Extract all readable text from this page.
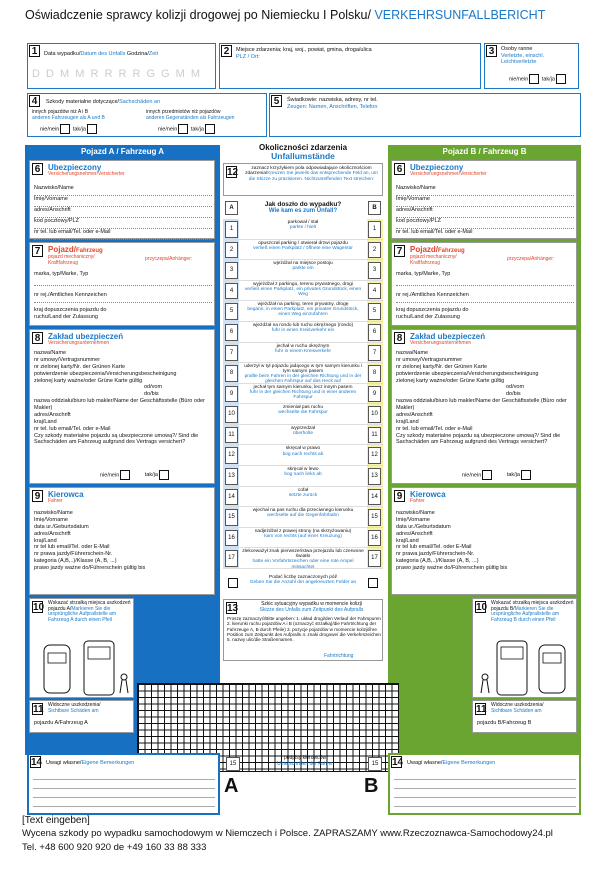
Oświadczenie sprawcy kolizji drogowej po Niemiecku I Polsku/ VERKEHRSUNFALLBERICHT
1	Data wypadku/Datum des Unfalls Godzina/Zeit
D D M M R R R R G G M M
2	Miejsce zdarzenia; kraj, woj., powiat, gmina, droga/ulica
PLZ / Ort:
3	Osoby ranne
Verletzte, einschl. Leichtverletzte
nie/nein tak/ja
4	Szkody materialne dotyczące/Sachschäden an
innych pojazdów niż A i B
anderen Fahrzeugen als A und B
innych przedmiotów niż pojazdów
anderen Gegenständen als Fahrzeugen
nie/nein tak/ja	nie/nein tak/ja
5	Świadkowie: nazwiska, adresy, nr tel.
Zeugen: Namen, Anschriften, Telefon
Pojazd A / Fahrzeug A
6 Ubezpieczony
Versicherungsnehmer/Versicherter
Nazwisko/Name
Imię/Vorname
adres/Anschrift
kod pocztowy/PLZ
nr tel. lub email/Tel. oder e-Mail
7 Pojazd/Fahrzeug
pojazd mechaniczny/ Kraftfahrzeug
przyczepa/Anhänger:
marka, typ/Marke, Typ
nr rej./Amtliches Kennzeichen
kraj dopuszczenia pojazdu do ruchu/Land der Zulassung
8 Zakład ubezpieczeń
Versicherungsunternehmen
nazwa/Name
nr umowy/Vertragsnummer
nr zielonej karty/Nr. der Grünen Karte
potwierdzenie ubezpieczenia/Versicherungsbescheinigung
zielonej karty ważne/oder Grüne Karte gültig
od/vom
do/bis
nazwa oddziału/biuro lub makler/Name der Geschäftsstelle (Büro oder Makler)
adres/Anschrift
kraj/Land
nr tel. lub email/Tel. oder e-Mail
Czy szkody materialne pojazdu są ubezpieczone umową?/ Sind die Sachschäden am Fahrzeug aufgrund des Vertrags versichert?
nie/nein	tak/ja
9 Kierowca
Fahrer
nazwisko/Name
Imię/Vorname
data ur./Geburtsdatum
adres/Anschrift
kraj/Land
nr tel lub email/Tel. oder E-Mail
nr prawa jazdy/Führerschein-Nr.
kategoria (A,B,..)/Klasse (A, B, ...)
prawo jazdy ważne do/Führerschein gültig bis
10 Wskazać strzałką miejsca uszkodzeń pojazdu A/Markieren Sie die ursprüngliche Aufprallstelle am Fahrzeug A durch einen Pfeil
11 Widoczne uszkodzenia/
Sichtbare Schäden am
pojazdu A/Fahrzeug A
Pojazd B / Fahrzeug B
6 Ubezpieczony
Versicherungsnehmer/Versicherter
Nazwisko/Name
Imię/Vorname
adres/Anschrift
kod pocztowy/PLZ
nr tel. lub email/Tel. oder e-Mail
7 Pojazd/Fahrzeug
pojazd mechaniczny/ Kraftfahrzeug
przyczepa/Anhänger:
marka, typ/Marke, Typ
nr rej./Amtliches Kennzeichen
kraj dopuszczenia pojazdu do ruchu/Land der Zulassung
8 Zakład ubezpieczeń
Versicherungsunternehmen
nazwa/Name
nr umowy/Vertragsnummer
nr zielonej karty/Nr. der Grünen Karte
potwierdzenie ubezpieczenia/Versicherungsbescheinigung
zielonej karty ważne/oder Grüne Karte gültig
od/vom
do/bis
nazwa oddziału/biuro lub makler/Name der Geschäftsstelle (Büro oder Makler)
adres/Anschrift
kraj/Land
nr tel. lub email/Tel. oder e-Mail
Czy szkody materialne pojazdu są ubezpieczone umową?/ Sind die Sachschäden am Fahrzeug aufgrund des Vertrags versichert?
nie/nein	tak/ja
9 Kierowca
Fahrer
nazwisko/Name
Imię/Vorname
data ur./Geburtsdatum
adres/Anschrift
kraj/Land
nr tel lub email/Tel. oder E-Mail
nr prawa jazdy/Führerschein-Nr.
kategoria (A,B,..)/Klasse (A, B, ...)
prawo jazdy ważne do/Führerschein gültig bis
10 Wskazać strzałką miejsca uszkodzeń pojazdu B/Markieren Sie die ursprüngliche Aufprallstelle am Fahrzeug B durch einen Pfeil
11 Widoczne uszkodzenia/
Sichtbare Schäden am
pojazdu B/Fahrzeug B
Okoliczności zdarzenia
Unfallumstände
12	zaznacz krzyżykiem pola odpowiadające okolicznościom zdarzenia/Kreuzen Sie jeweils das entsprechende Feld an, um die Skizze zu präzisieren. Nichtzutreffenden Text streichen:
A	B
Jak doszło do wypadku?
Wie kam es zum Unfall?
1
parkował / stał
parkte / hielt	1
2
opuszczał parking / otwierał drzwi pojazdu
verließ einen Parkplatz / öffnete eine Wagentür	2
3
wjeżdżał na miejsce postoju
parkte ein	3
4
wyjeżdżał z parkingu, terenu prywatnego, drogi
verließ einen Parkplatz, ein privates Grundstück, einen Weg
4
5
wjeżdżał na parking, teren prywatny, drogę
begann, in einen Parkplatz, ein privates Grundstück, einen Weg einzufahren
5
6
wjeżdżał na rondo lub ruchu okrężnego (rondo)
fuhr in einen Kreisverkehr ein	6
7
jechał w ruchu okrężnym
fuhr in einem Kreisverkehr	7
8
uderzył w tył pojazdu jadącego w tym samym kierunku i tym samym pasem
prallte beim Fahren in der gleichen Richtung und in der gleichen Fahrspur auf das Heck auf
8
9
jechał tym samym kierunku, lecz innym pasem
fuhr in der gleichen Richtung und in einer anderen Fahrspur
9
10
zmieniał pas ruchu
wechselte die Fahrspur	10
11
wyprzedzał
überholte	11
12
skręcał w prawo
bog nach rechts ab	12
13
skręcał w lewo
bog nach links ab	13
14
cofał
setzte zurück	14
15
wjechał na pas ruchu dla przeciwnego kierunku
wechselte auf die Gegenfahrbahn	15
16
nadjeżdżał z prawej strony (na skrzyżowaniu)
kam von rechts (auf einer Kreuzung)	16
17
zlekceważył znak pierwszeństwa przejazdu lub czerwone światło
hatte ein Vorfahrtszeichen oder eine rote Ampel missachtet
17
Podać liczbę zaznaczonych pól/
Geben Sie die Anzahl der angekreuzten Felder an
13	Szkic sytuacyjny wypadku w momencie kolizji
Skizze des Unfalls zum Zeitpunkt des Aufpralls
Proszę zaznaczyć/Bitte angeben: 1. układ drogi/den Verlauf der Fahrspuren 2. kierunki ruchu pojazdów A i B (oznaczyć strzałką)/die Fahrtrichtung der Fahrzeuge A, B durch Pfeile) 3. pozycje pojazdów w momencie kolizji/ihre Position zum Zeitpunkt des Aufpralls 4. znaki drogowe/ die Verkehrszeichen 5. nazwy ulic/die Straßennamen.
Fahrtrichtung
14 Uwagi własne/Eigene Bemerkungen	14 Uwagi własne/Eigene Bemerkungen
15	15
podpisy kierowców
Unterschriften der Fahrer
A	B
[Text eingeben]
Wycena szkody po wypadku samochodowym w Niemczech i Polsce. ZAPRASZAMY www.Rzeczoznawca-Samochodowy24.pl
Tel. +48 600 920 920 de +49 160 33 88 333
